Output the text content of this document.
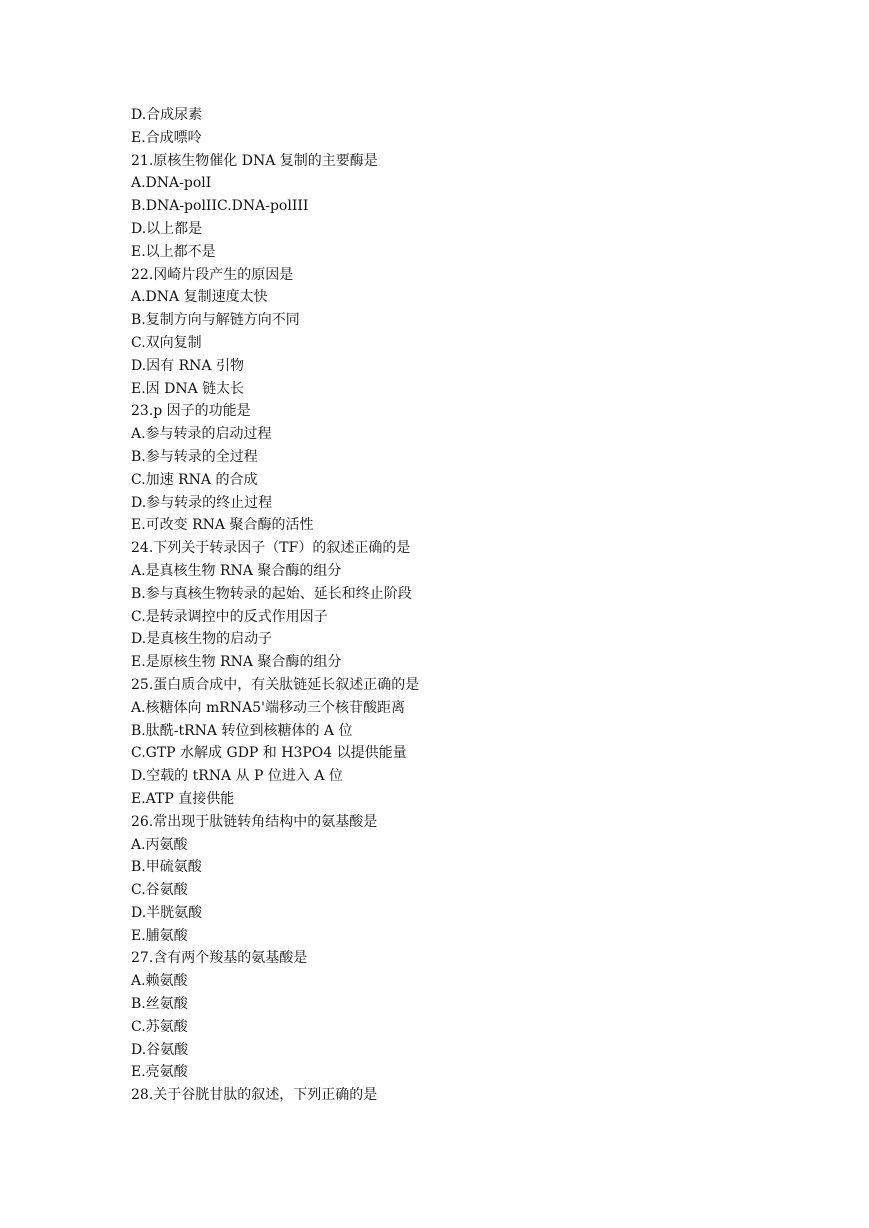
D.合成尿素
E.合成嘌呤
21.原核生物催化 DNA 复制的主要酶是
A.DNA-polI
B.DNA-polIIC.DNA-polIII
D.以上都是
E.以上都不是
22.冈崎片段产生的原因是
A.DNA 复制速度太快
B.复制方向与解链方向不同
C.双向复制
D.因有 RNA 引物
E.因 DNA 链太长
23.p 因子的功能是
A.参与转录的启动过程
B.参与转录的全过程
C.加速 RNA 的合成
D.参与转录的终止过程
E.可改变 RNA 聚合酶的活性
24.下列关于转录因子（TF）的叙述正确的是
A.是真核生物 RNA 聚合酶的组分
B.参与真核生物转录的起始、延长和终止阶段
C.是转录调控中的反式作用因子
D.是真核生物的启动子
E.是原核生物 RNA 聚合酶的组分
25.蛋白质合成中，有关肽链延长叙述正确的是
A.核糖体向 mRNA5'端移动三个核苷酸距离
B.肽酰-tRNA 转位到核糖体的 A 位
C.GTP 水解成 GDP 和 H3PO4 以提供能量
D.空载的 tRNA 从 P 位进入 A 位
E.ATP 直接供能
26.常出现于肽链转角结构中的氨基酸是
A.丙氨酸
B.甲硫氨酸
C.谷氨酸
D.半胱氨酸
E.脯氨酸
27.含有两个羧基的氨基酸是
A.赖氨酸
B.丝氨酸
C.苏氨酸
D.谷氨酸
E.亮氨酸
28.关于谷胱甘肽的叙述，下列正确的是
